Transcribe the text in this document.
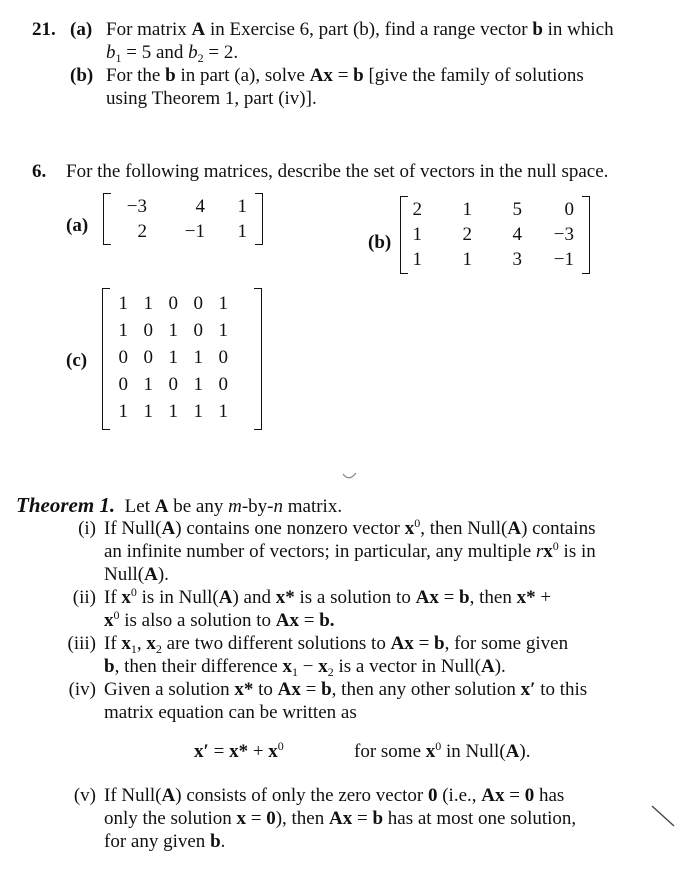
21. (a) For matrix A in Exercise 6, part (b), find a range vector b in which
$b_1 = 5$ and $b_2 = 2$.
(b) For the b in part (a), solve Ax = b [give the family of solutions
using Theorem 1, part (iv)].
6. For the following matrices, describe the set of vectors in the null space.
(a)
−3	4	1
2	−1	1
(b)
2	1	5	0
1	2	4	−3
1	1	3	−1
(c)
1 1 0 0 1
1 0 1 0 1
0 0 1 1 0
0 1 0 1 0
1 1 1 1 1
Theorem 1. Let A be any m-by-n matrix.
(i) If Null(A) contains one nonzero vector $x^0$, then Null(A) contains
an infinite number of vectors; in particular, any multiple $rx^0$ is in
Null(A).
(ii) If $x^0$ is in Null(A) and x* is a solution to Ax = b, then x* +
$x^0$ is also a solution to Ax = b.
(iii) If $x_1$, $x_2$ are two different solutions to Ax = b, for some given
b, then their difference $x_1 - x_2$ is a vector in Null(A).
(iv) Given a solution x* to Ax = b, then any other solution x′ to this
matrix equation can be written as
$x' = x* + x^0$	for some $x^0$ in Null(A).
(v) If Null(A) consists of only the zero vector 0 (i.e., Ax = 0 has
only the solution x = 0), then Ax = b has at most one solution,
for any given b.
